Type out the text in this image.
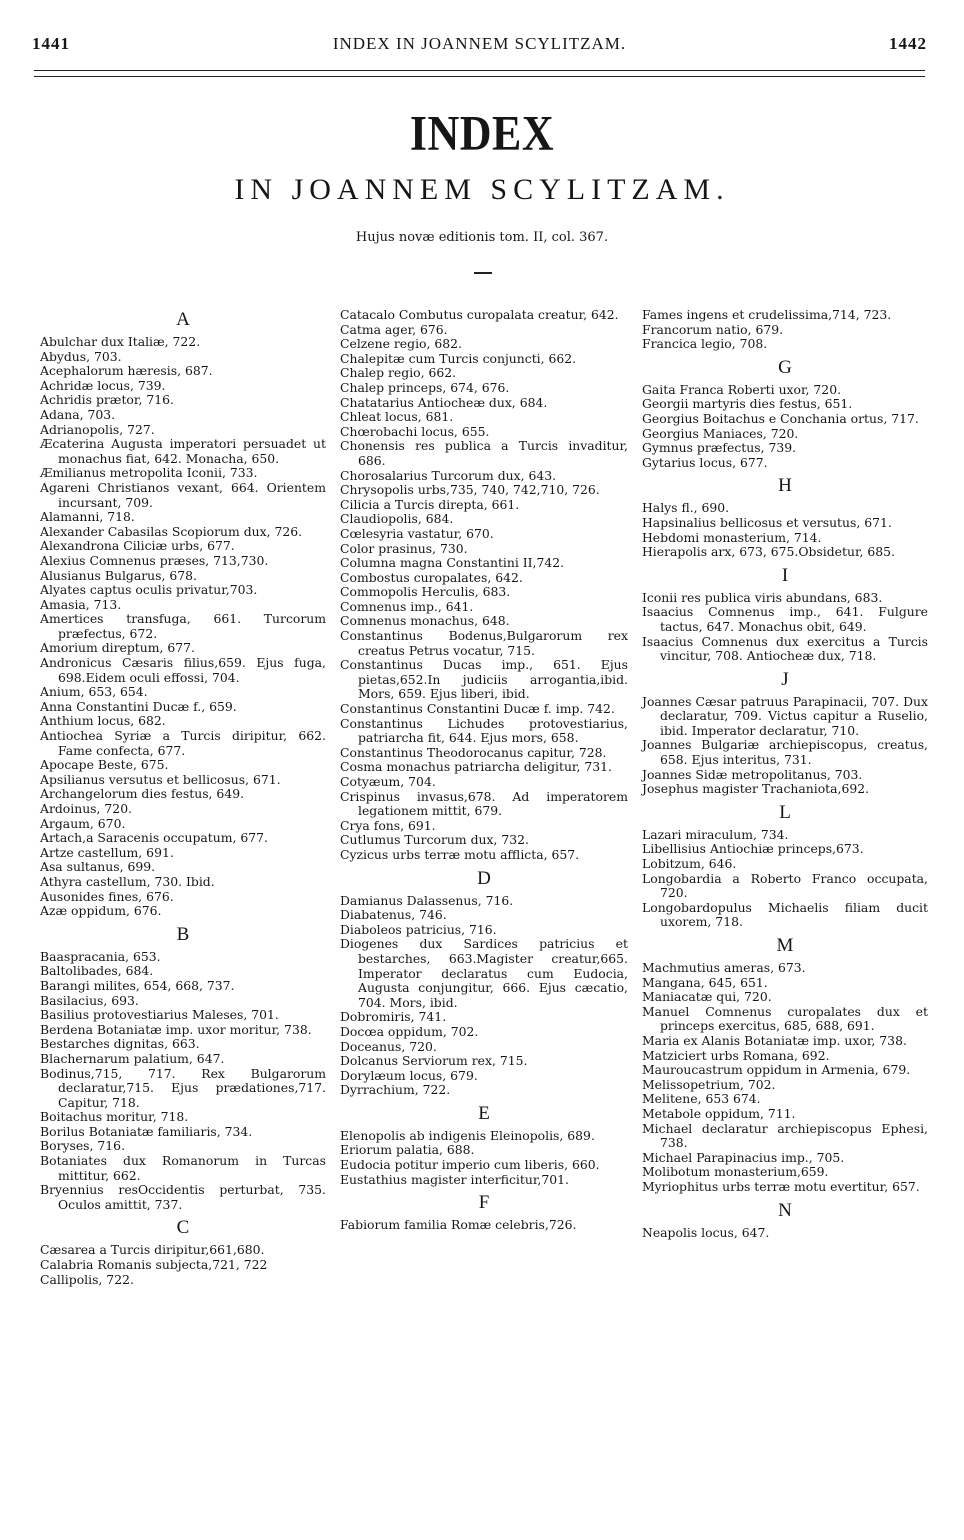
1441	INDEX IN JOANNEM SCYLITZAM.	1442
INDEX
IN JOANNEM SCYLITZAM.
Hujus novæ editionis tom. II, col. 367.
A

Abulchar dux Italiæ, 722.

Abydus, 703.

Acephalorum hæresis, 687.

Achridæ locus, 739.

Achridis prætor, 716.

Adana, 703.

Adrianopolis, 727.

Æcaterina Augusta imperatori persuadet ut monachus fiat, 642. Monacha, 650.

Æmilianus metropolita Iconii, 733.

Agareni Christianos vexant, 664. Orientem incursant, 709.

Alamanni, 718.

Alexander Cabasilas Scopiorum dux, 726.

Alexandrona Ciliciæ urbs, 677.

Alexius Comnenus præses, 713,730.

Alusianus Bulgarus, 678.

Alyates captus oculis privatur,703.

Amasia, 713.

Amertices transfuga, 661. Turcorum præfectus, 672.

Amorium direptum, 677.

Andronicus Cæsaris filius,659. Ejus fuga, 698.Eidem oculi effossi, 704.

Anium, 653, 654.

Anna Constantini Ducæ f., 659.

Anthium locus, 682.

Antiochea Syriæ a Turcis diripitur, 662. Fame confecta, 677.

Apocape Beste, 675.

Apsilianus versutus et bellicosus, 671.

Archangelorum dies festus, 649.

Ardoinus, 720.

Argaum, 670.

Artach,a Saracenis occupatum, 677.

Artze castellum, 691.

Asa sultanus, 699.

Athyra castellum, 730. Ibid.

Ausonides fines, 676.

Azæ oppidum, 676.

B

Baaspracania, 653.

Baltolibades, 684.

Barangi milites, 654, 668, 737.

Basilacius, 693.

Basilius protovestiarius Maleses, 701.

Berdena Botaniatæ imp. uxor moritur, 738.

Bestarches dignitas, 663.

Blachernarum palatium, 647.

Bodinus,715, 717. Rex Bulgarorum declaratur,715. Ejus prædationes,717. Capitur, 718.

Boitachus moritur, 718.

Borilus Botaniatæ familiaris, 734.

Boryses, 716.

Botaniates dux Romanorum in Turcas mittitur, 662.

Bryennius resOccidentis perturbat, 735. Oculos amittit, 737.

C

Cæsarea a Turcis diripitur,661,680.

Calabria Romanis subjecta,721, 722

Callipolis, 722.

Catacalo Combutus curopalata creatur, 642.

Catma ager, 676.

Celzene regio, 682.

Chalepitæ cum Turcis conjuncti, 662.

Chalep regio, 662.

Chalep princeps, 674, 676.

Chatatarius Antiocheæ dux, 684.

Chleat locus, 681.

Chœrobachi locus, 655.

Chonensis res publica a Turcis invaditur, 686.

Chorosalarius Turcorum dux, 643.

Chrysopolis urbs,735, 740, 742,710, 726.

Cilicia a Turcis direpta, 661.

Claudiopolis, 684.

Cœlesyria vastatur, 670.

Color prasinus, 730.

Columna magna Constantini II,742.

Combostus curopalates, 642.

Commopolis Herculis, 683.

Comnenus imp., 641.

Comnenus monachus, 648.

Constantinus Bodenus,Bulgarorum rex creatus Petrus vocatur, 715.

Constantinus Ducas imp., 651. Ejus pietas,652.In judiciis arrogantia,ibid. Mors, 659. Ejus liberi, ibid.

Constantinus Constantini Ducæ f. imp. 742.

Constantinus Lichudes protovestiarius, patriarcha fit, 644. Ejus mors, 658.

Constantinus Theodorocanus capitur, 728.

Cosma monachus patriarcha deligitur, 731.

Cotyæum, 704.

Crispinus invasus,678. Ad imperatorem legationem mittit, 679.

Crya fons, 691.

Cutlumus Turcorum dux, 732.

Cyzicus urbs terræ motu afflicta, 657.

D

Damianus Dalassenus, 716.

Diabatenus, 746.

Diaboleos patricius, 716.

Diogenes dux Sardices patricius et bestarches, 663.Magister creatur,665. Imperator declaratus cum Eudocia, Augusta conjungitur, 666. Ejus cæcatio, 704. Mors, ibid.

Dobromiris, 741.

Docœa oppidum, 702.

Doceanus, 720.

Dolcanus Serviorum rex, 715.

Dorylæum locus, 679.

Dyrrachium, 722.

E

Elenopolis ab indigenis Eleinopolis, 689.

Eriorum palatia, 688.

Eudocia potitur imperio cum liberis, 660.

Eustathius magister interficitur,701.

F

Fabiorum familia Romæ celebris,726.

Fames ingens et crudelissima,714, 723.

Francorum natio, 679.

Francica legio, 708.

G

Gaita Franca Roberti uxor, 720.

Georgii martyris dies festus, 651.

Georgius Boitachus e Conchania ortus, 717.

Georgius Maniaces, 720.

Gymnus præfectus, 739.

Gytarius locus, 677.

H

Halys fl., 690.

Hapsinalius bellicosus et versutus, 671.

Hebdomi monasterium, 714.

Hierapolis arx, 673, 675.Obsidetur, 685.

I

Iconii res publica viris abundans, 683.

Isaacius Comnenus imp., 641. Fulgure tactus, 647. Monachus obit, 649.

Isaacius Comnenus dux exercitus a Turcis vincitur, 708. Antiocheæ dux, 718.

J

Joannes Cæsar patruus Parapinacii, 707. Dux declaratur, 709. Victus capitur a Ruselio, ibid. Imperator declaratur, 710.

Joannes Bulgariæ archiepiscopus, creatus, 658. Ejus interitus, 731.

Joannes Sidæ metropolitanus, 703.

Josephus magister Trachaniota,692.

L

Lazari miraculum, 734.

Libellisius Antiochiæ princeps,673.

Lobitzum, 646.

Longobardia a Roberto Franco occupata, 720.

Longobardopulus Michaelis filiam ducit uxorem, 718.

M

Machmutius ameras, 673.

Mangana, 645, 651.

Maniacatæ qui, 720.

Manuel Comnenus curopalates dux et princeps exercitus, 685, 688, 691.

Maria ex Alanis Botaniatæ imp. uxor, 738.

Matziciert urbs Romana, 692.

Mauroucastrum oppidum in Armenia, 679.

Melissopetrium, 702.

Melitene, 653 674.

Metabole oppidum, 711.

Michael declaratur archiepiscopus Ephesi, 738.

Michael Parapinacius imp., 705.

Molibotum monasterium,659.

Myriophitus urbs terræ motu evertitur, 657.

N

Neapolis locus, 647.
